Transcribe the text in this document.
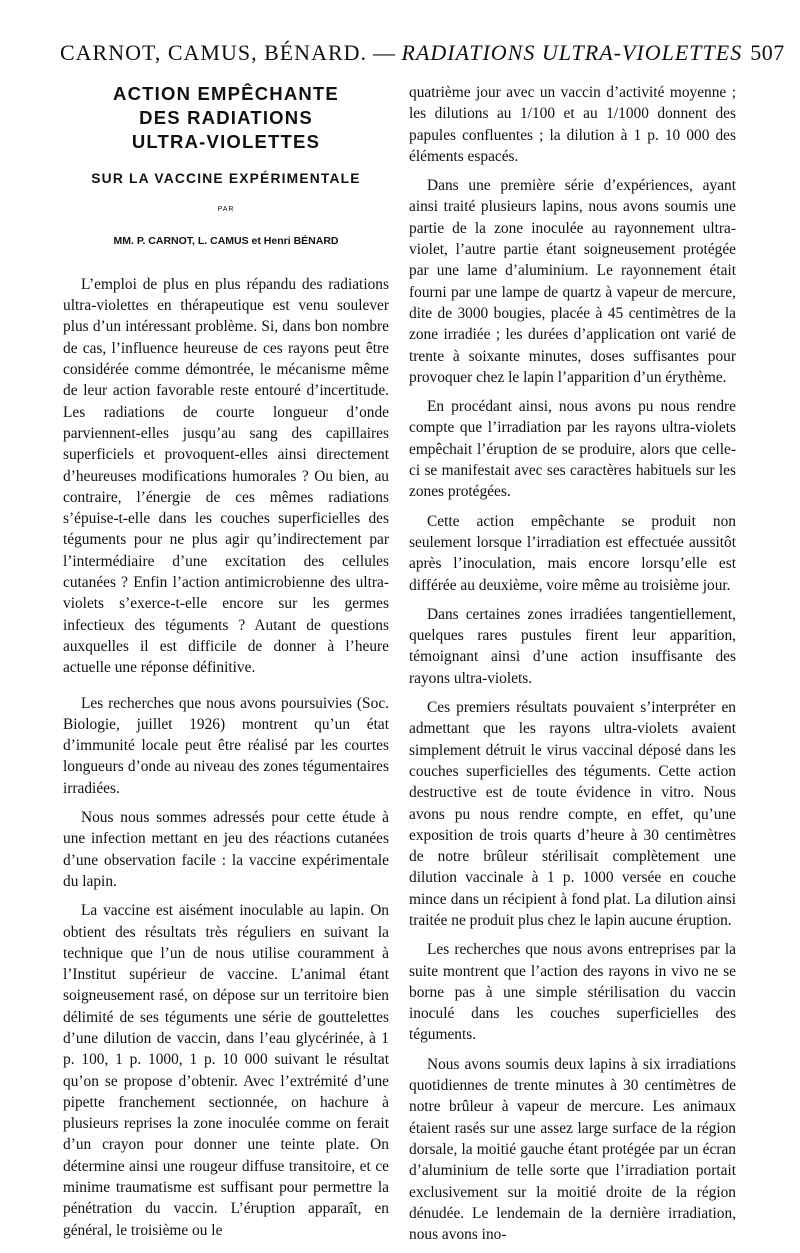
CARNOT, CAMUS, BÉNARD. — RADIATIONS ULTRA-VIOLETTES 507
ACTION EMPÊCHANTE
DES RADIATIONS
ULTRA-VIOLETTES
SUR LA VACCINE EXPÉRIMENTALE
PAR
MM. P. CARNOT, L. CAMUS et Henri BÉNARD

L’emploi de plus en plus répandu des radiations ultra-violettes en thérapeutique est venu soulever plus d’un intéressant problème. Si, dans bon nombre de cas, l’influence heureuse de ces rayons peut être considérée comme démontrée, le mécanisme même de leur action favorable reste entouré d’incertitude. Les radiations de courte longueur d’onde parviennent-elles jusqu’au sang des capillaires superficiels et provoquent-elles ainsi directement d’heureuses modifications humorales ? Ou bien, au contraire, l’énergie de ces mêmes radiations s’épuise-t-elle dans les couches superficielles des téguments pour ne plus agir qu’indirectement par l’intermédiaire d’une excitation des cellules cutanées ? Enfin l’action antimicrobienne des ultra-violets s’exerce-t-elle encore sur les germes infectieux des téguments ? Autant de questions auxquelles il est difficile de donner à l’heure actuelle une réponse définitive.

Les recherches que nous avons poursuivies (Soc. Biologie, juillet 1926) montrent qu’un état d’immunité locale peut être réalisé par les courtes longueurs d’onde au niveau des zones tégumentaires irradiées.

Nous nous sommes adressés pour cette étude à une infection mettant en jeu des réactions cutanées d’une observation facile : la vaccine expérimentale du lapin.

La vaccine est aisément inoculable au lapin. On obtient des résultats très réguliers en suivant la technique que l’un de nous utilise couramment à l’Institut supérieur de vaccine. L’animal étant soigneusement rasé, on dépose sur un territoire bien délimité de ses téguments une série de gouttelettes d’une dilution de vaccin, dans l’eau glycérinée, à 1 p. 100, 1 p. 1000, 1 p. 10 000 suivant le résultat qu’on se propose d’obtenir. Avec l’extrémité d’une pipette franchement sectionnée, on hachure à plusieurs reprises la zone inoculée comme on ferait d’un crayon pour donner une teinte plate. On détermine ainsi une rougeur diffuse transitoire, et ce minime traumatisme est suffisant pour permettre la pénétration du vaccin. L’éruption apparaît, en général, le troisième ou le

quatrième jour avec un vaccin d’activité moyenne ; les dilutions au 1/100 et au 1/1000 donnent des papules confluentes ; la dilution à 1 p. 10 000 des éléments espacés.

Dans une première série d’expériences, ayant ainsi traité plusieurs lapins, nous avons soumis une partie de la zone inoculée au rayonnement ultra-violet, l’autre partie étant soigneusement protégée par une lame d’aluminium. Le rayonnement était fourni par une lampe de quartz à vapeur de mercure, dite de 3000 bougies, placée à 45 centimètres de la zone irradiée ; les durées d’application ont varié de trente à soixante minutes, doses suffisantes pour provoquer chez le lapin l’apparition d’un érythème.

En procédant ainsi, nous avons pu nous rendre compte que l’irradiation par les rayons ultra-violets empêchait l’éruption de se produire, alors que celle-ci se manifestait avec ses caractères habituels sur les zones protégées.

Cette action empêchante se produit non seulement lorsque l’irradiation est effectuée aussitôt après l’inoculation, mais encore lorsqu’elle est différée au deuxième, voire même au troisième jour.

Dans certaines zones irradiées tangentiellement, quelques rares pustules firent leur apparition, témoignant ainsi d’une action insuffisante des rayons ultra-violets.

Ces premiers résultats pouvaient s’interpréter en admettant que les rayons ultra-violets avaient simplement détruit le virus vaccinal déposé dans les couches superficielles des téguments. Cette action destructive est de toute évidence in vitro. Nous avons pu nous rendre compte, en effet, qu’une exposition de trois quarts d’heure à 30 centimètres de notre brûleur stérilisait complètement une dilution vaccinale à 1 p. 1000 versée en couche mince dans un récipient à fond plat. La dilution ainsi traitée ne produit plus chez le lapin aucune éruption.

Les recherches que nous avons entreprises par la suite montrent que l’action des rayons in vivo ne se borne pas à une simple stérilisation du vaccin inoculé dans les couches superficielles des téguments.

Nous avons soumis deux lapins à six irradiations quotidiennes de trente minutes à 30 centimètres de notre brûleur à vapeur de mercure. Les animaux étaient rasés sur une assez large surface de la région dorsale, la moitié gauche étant protégée par un écran d’aluminium de telle sorte que l’irradiation portait exclusivement sur la moitié droite de la région dénudée. Le lendemain de la dernière irradiation, nous avons ino-
